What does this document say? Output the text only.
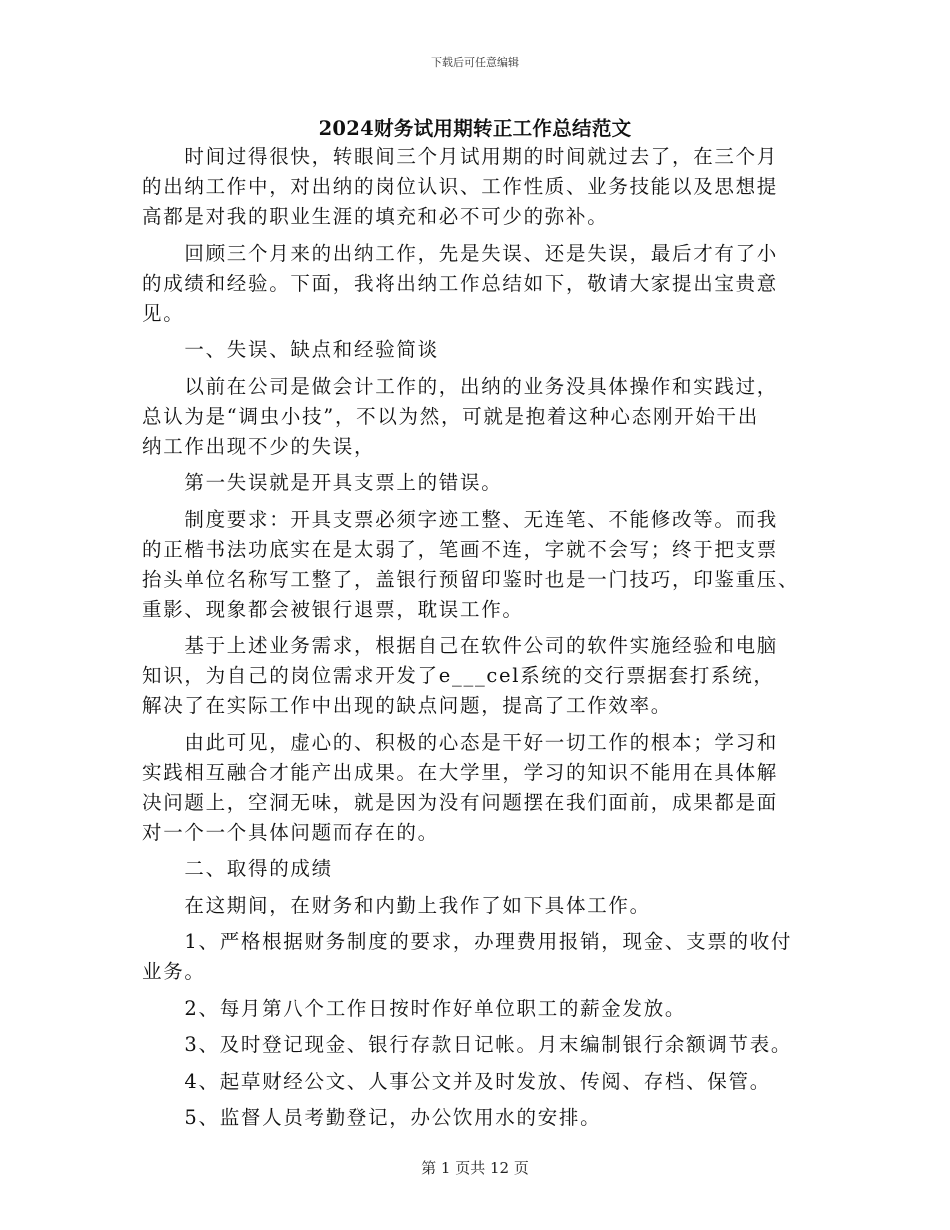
下载后可任意编辑
2024财务试用期转正工作总结范文

　　时间过得很快，转眼间三个月试用期的时间就过去了，在三个月
的出纳工作中，对出纳的岗位认识、工作性质、业务技能以及思想提
高都是对我的职业生涯的填充和必不可少的弥补。

　　回顾三个月来的出纳工作，先是失误、还是失误，最后才有了小
的成绩和经验。下面，我将出纳工作总结如下，敬请大家提出宝贵意
见。

　　一、失误、缺点和经验简谈

　　以前在公司是做会计工作的，出纳的业务没具体操作和实践过，
总认为是“调虫小技”，不以为然，可就是抱着这种心态刚开始干出
纳工作出现不少的失误，

　　第一失误就是开具支票上的错误。

　　制度要求：开具支票必须字迹工整、无连笔、不能修改等。而我
的正楷书法功底实在是太弱了，笔画不连，字就不会写；终于把支票
抬头单位名称写工整了，盖银行预留印鉴时也是一门技巧，印鉴重压、
重影、现象都会被银行退票，耽误工作。

　　基于上述业务需求，根据自己在软件公司的软件实施经验和电脑
知识，为自己的岗位需求开发了e___cel系统的交行票据套打系统，
解决了在实际工作中出现的缺点问题，提高了工作效率。

　　由此可见，虚心的、积极的心态是干好一切工作的根本；学习和
实践相互融合才能产出成果。在大学里，学习的知识不能用在具体解
决问题上，空洞无味，就是因为没有问题摆在我们面前，成果都是面
对一个一个具体问题而存在的。

　　二、取得的成绩

　　在这期间，在财务和内勤上我作了如下具体工作。

　　1、严格根据财务制度的要求，办理费用报销，现金、支票的收付
业务。

　　2、每月第八个工作日按时作好单位职工的薪金发放。

　　3、及时登记现金、银行存款日记帐。月末编制银行余额调节表。

　　4、起草财经公文、人事公文并及时发放、传阅、存档、保管。

　　5、监督人员考勤登记，办公饮用水的安排。

第 1 页共 12 页
